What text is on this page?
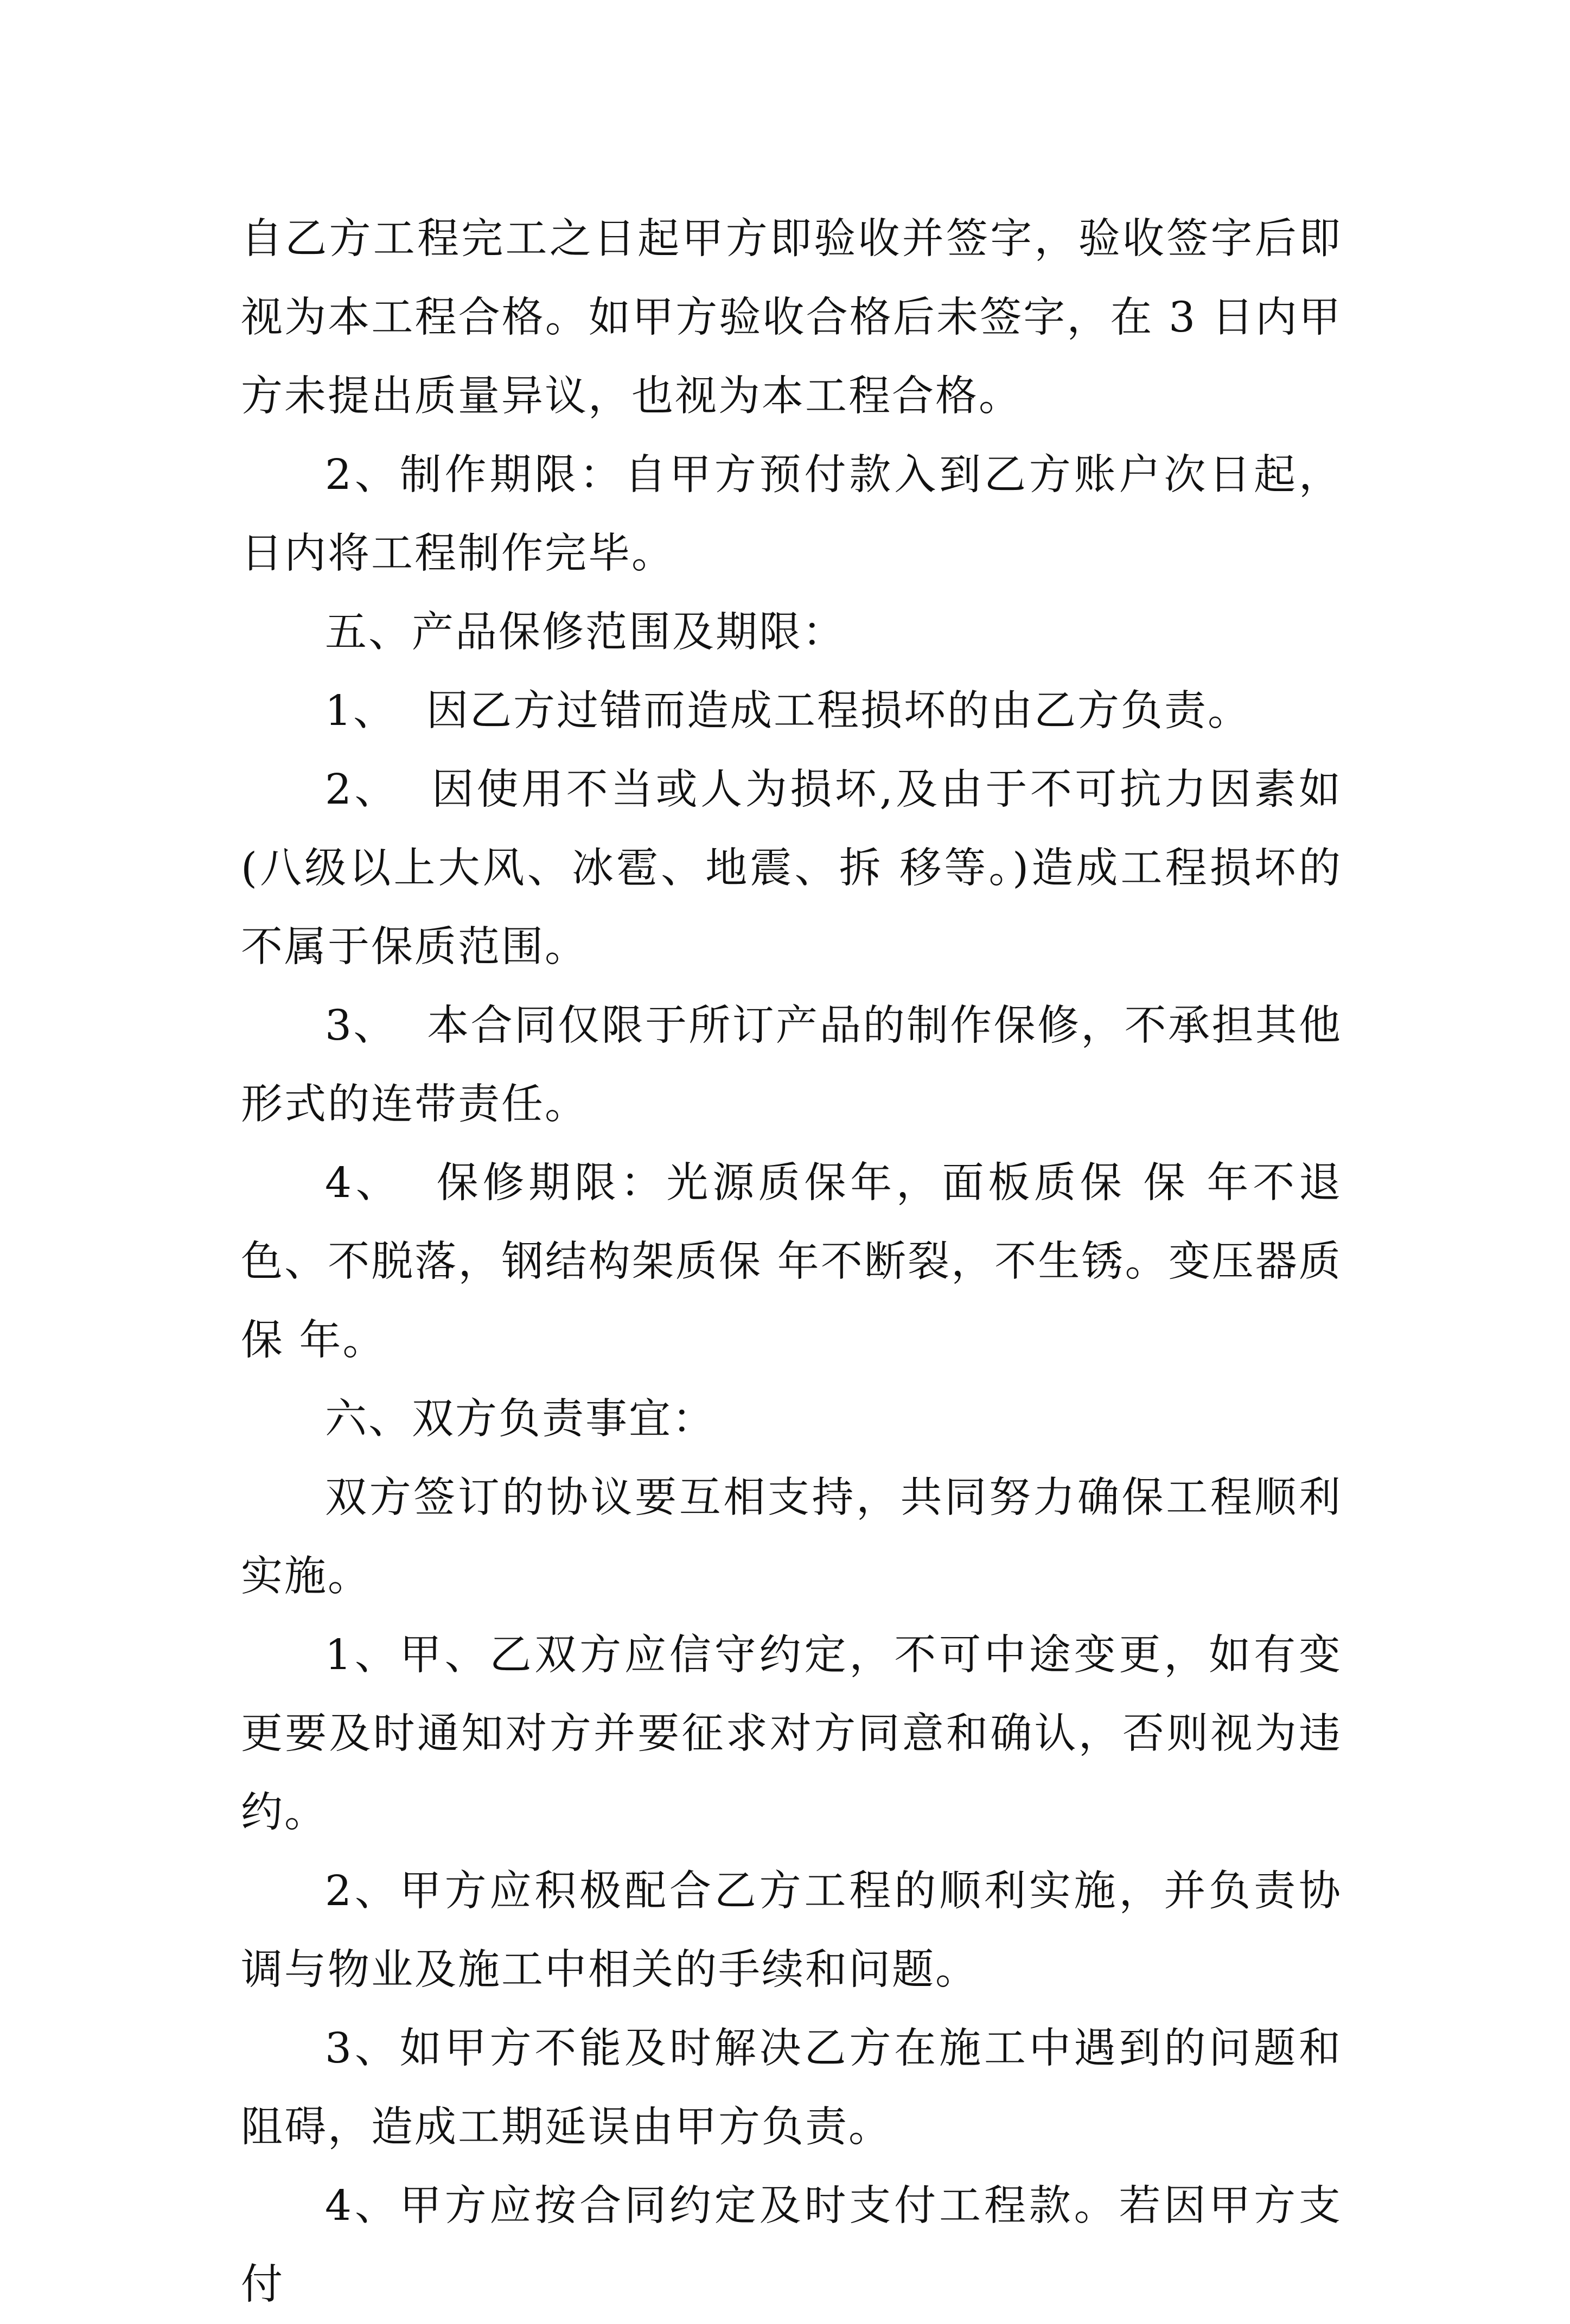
自乙方工程完工之日起甲方即验收并签字，验收签字后即视为本工程合格。如甲方验收合格后未签字，在 3 日内甲方未提出质量异议，也视为本工程合格。

2、制作期限：自甲方预付款入到乙方账户次日起，日内将工程制作完毕。

五、产品保修范围及期限：

1、  因乙方过错而造成工程损坏的由乙方负责。

2、  因使用不当或人为损坏,及由于不可抗力因素如(八级以上大风、冰雹、地震、拆 移等。)造成工程损坏的不属于保质范围。

3、  本合同仅限于所订产品的制作保修，不承担其他形式的连带责任。

4、  保修期限：光源质保年，面板质保 保 年不退色、不脱落，钢结构架质保 年不断裂，不生锈。变压器质保 年。

六、双方负责事宜：

双方签订的协议要互相支持，共同努力确保工程顺利实施。

1、甲、乙双方应信守约定，不可中途变更，如有变更要及时通知对方并要征求对方同意和确认，否则视为违约。

2、甲方应积极配合乙方工程的顺利实施，并负责协调与物业及施工中相关的手续和问题。

3、如甲方不能及时解决乙方在施工中遇到的问题和阻碍，造成工期延误由甲方负责。

4、甲方应按合同约定及时支付工程款。若因甲方支付
